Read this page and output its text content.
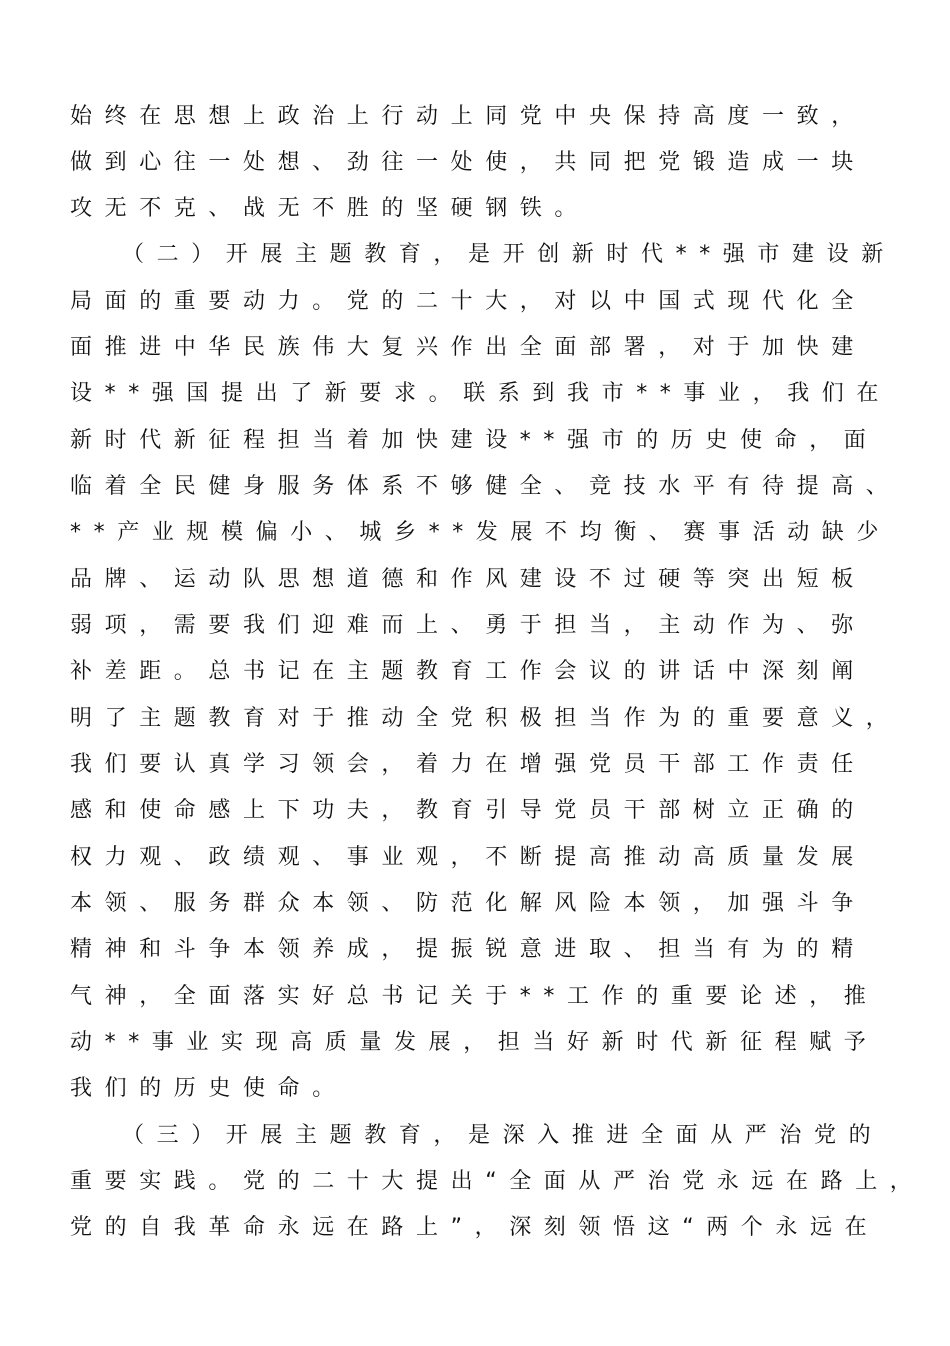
始终在思想上政治上行动上同党中央保持高度一致，
做到心往一处想、劲往一处使，共同把党锻造成一块
攻无不克、战无不胜的坚硬钢铁。
（二）开展主题教育，是开创新时代**强市建设新
局面的重要动力。党的二十大，对以中国式现代化全
面推进中华民族伟大复兴作出全面部署，对于加快建
设**强国提出了新要求。联系到我市**事业，我们在
新时代新征程担当着加快建设**强市的历史使命，面
临着全民健身服务体系不够健全、竞技水平有待提高、
**产业规模偏小、城乡**发展不均衡、赛事活动缺少
品牌、运动队思想道德和作风建设不过硬等突出短板
弱项，需要我们迎难而上、勇于担当，主动作为、弥
补差距。总书记在主题教育工作会议的讲话中深刻阐
明了主题教育对于推动全党积极担当作为的重要意义，
我们要认真学习领会，着力在增强党员干部工作责任
感和使命感上下功夫，教育引导党员干部树立正确的
权力观、政绩观、事业观，不断提高推动高质量发展
本领、服务群众本领、防范化解风险本领，加强斗争
精神和斗争本领养成，提振锐意进取、担当有为的精
气神，全面落实好总书记关于**工作的重要论述，推
动**事业实现高质量发展，担当好新时代新征程赋予
我们的历史使命。
（三）开展主题教育，是深入推进全面从严治党的
重要实践。党的二十大提出“全面从严治党永远在路上，
党的自我革命永远在路上”，深刻领悟这“两个永远在
